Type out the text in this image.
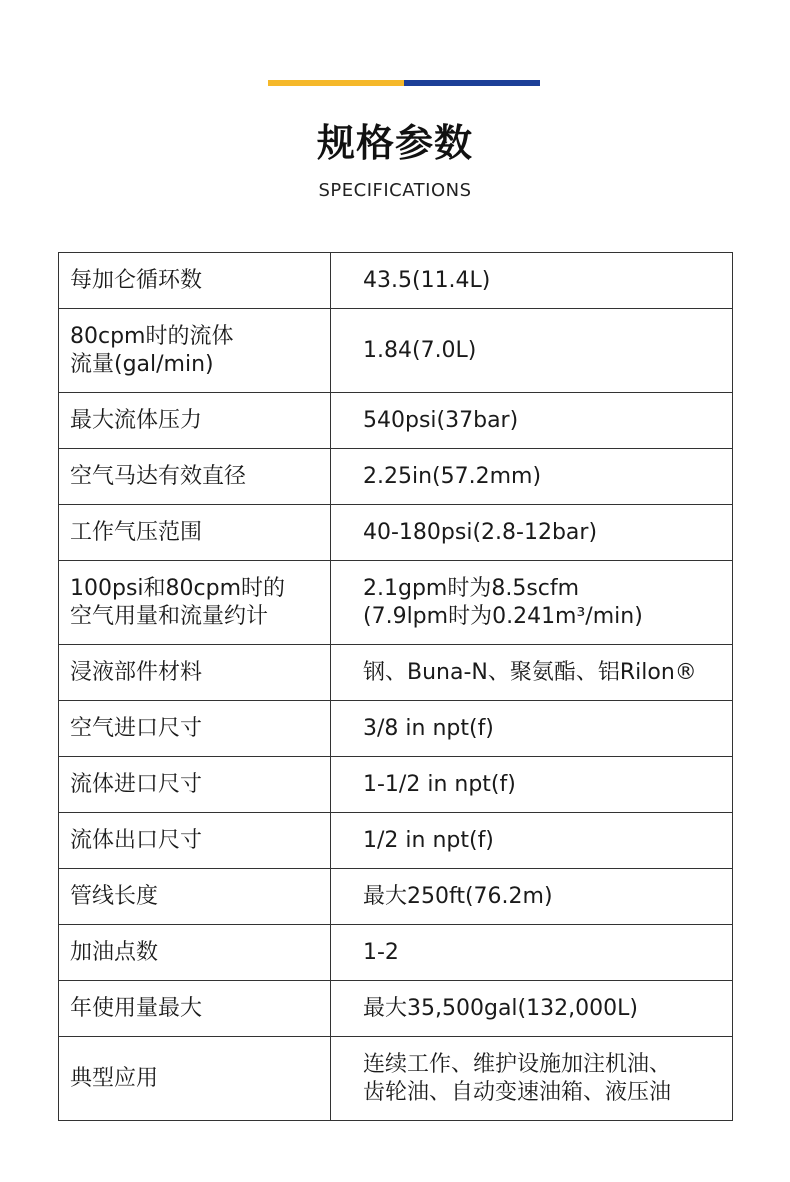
规格参数
SPECIFICATIONS
每加仑循环数	43.5(11.4L)

80cpm时的流体
流量(gal/min)	1.84(7.0L)

最大流体压力	540psi(37bar)

空气马达有效直径	2.25in(57.2mm)

工作气压范围	40-180psi(2.8-12bar)

100psi和80cpm时的
空气用量和流量约计	2.1gpm时为8.5scfm
(7.9lpm时为0.241m³/min)

浸液部件材料	钢、Buna-N、聚氨酯、铝Rilon®

空气进口尺寸	3/8 in npt(f)

流体进口尺寸	1-1/2 in npt(f)

流体出口尺寸	1/2 in npt(f)

管线长度	最大250ft(76.2m)

加油点数	1-2

年使用量最大	最大35,500gal(132,000L)

典型应用	连续工作、维护设施加注机油、
齿轮油、自动变速油箱、液压油
